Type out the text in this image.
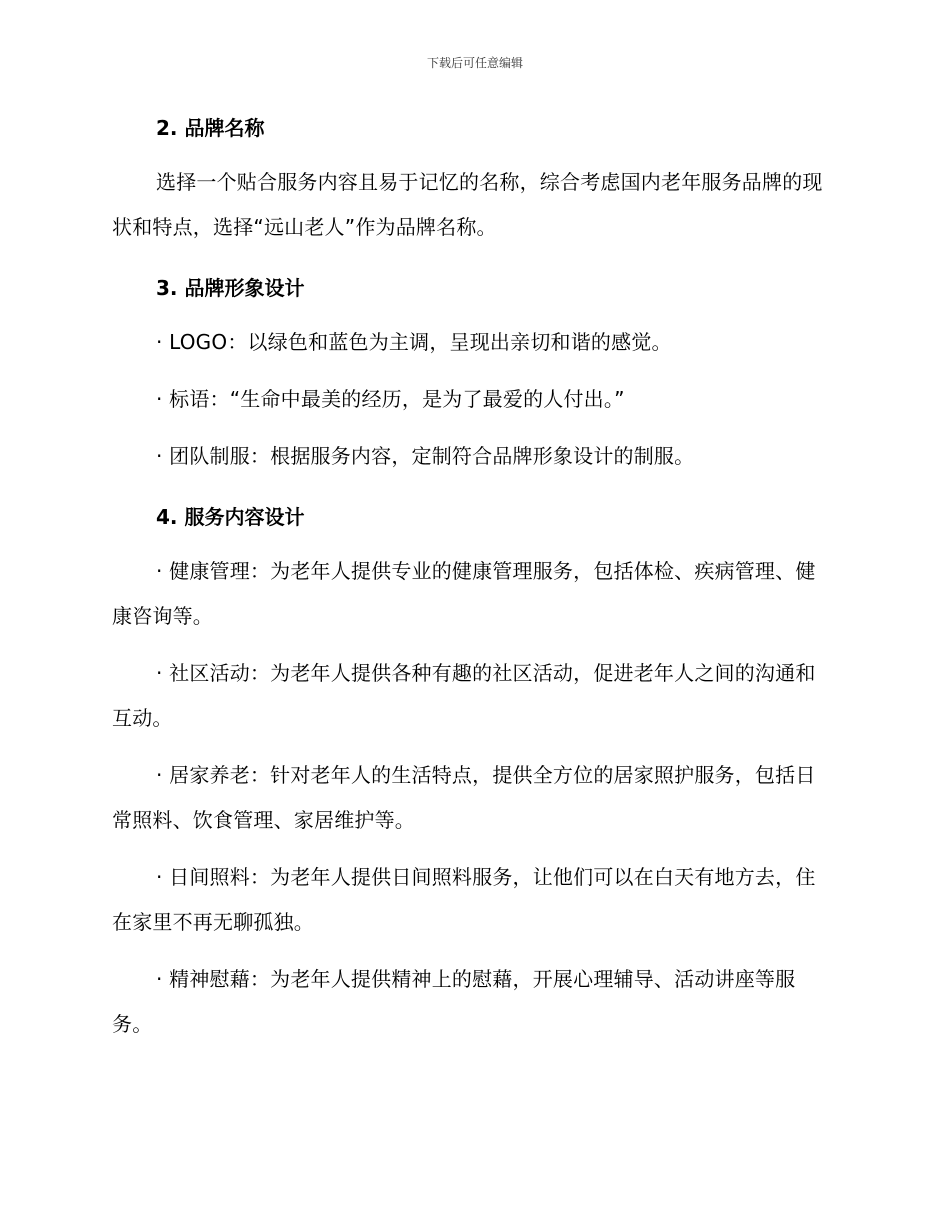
下载后可任意编辑
2. 品牌名称

选择一个贴合服务内容且易于记忆的名称，综合考虑国内老年服务品牌的现状和特点，选择“远山老人”作为品牌名称。

3. 品牌形象设计

· LOGO：以绿色和蓝色为主调，呈现出亲切和谐的感觉。

· 标语：“生命中最美的经历，是为了最爱的人付出。”

· 团队制服：根据服务内容，定制符合品牌形象设计的制服。

4. 服务内容设计

· 健康管理：为老年人提供专业的健康管理服务，包括体检、疾病管理、健康咨询等。

· 社区活动：为老年人提供各种有趣的社区活动，促进老年人之间的沟通和互动。

· 居家养老：针对老年人的生活特点，提供全方位的居家照护服务，包括日常照料、饮食管理、家居维护等。

· 日间照料：为老年人提供日间照料服务，让他们可以在白天有地方去，住在家里不再无聊孤独。

· 精神慰藉：为老年人提供精神上的慰藉，开展心理辅导、活动讲座等服务。
